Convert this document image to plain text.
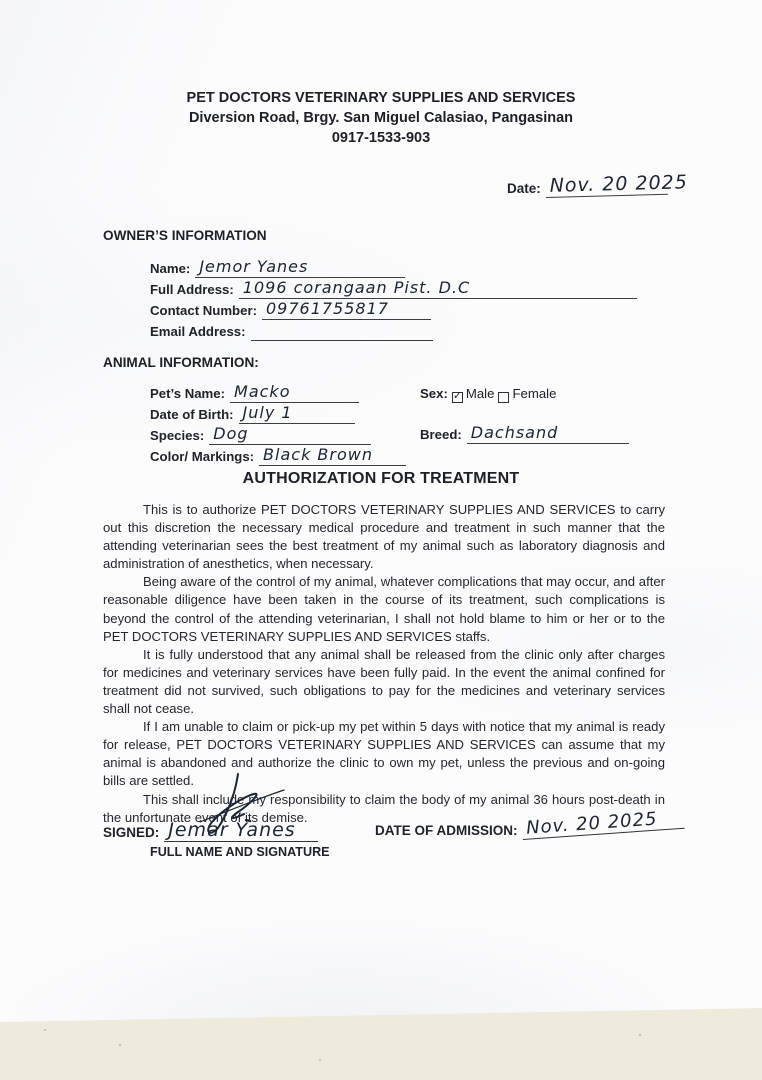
PET DOCTORS VETERINARY SUPPLIES AND SERVICES
Diversion Road, Brgy. San Miguel Calasiao, Pangasinan
0917-1533-903
Date: Nov. 20 2025
OWNER’S INFORMATION
Name: Jemor Yanes
Full Address: 1096 corangaan Pist. D.C
Contact Number: 09761755817
Email Address:
ANIMAL INFORMATION:
Pet’s Name: Macko
Date of Birth: July 1
Species: Dog
Color/ Markings: Black Brown
Sex: ✓ Male Female
Breed: Dachsand
AUTHORIZATION FOR TREATMENT

This is to authorize PET DOCTORS VETERINARY SUPPLIES AND SERVICES to carry out this discretion the necessary medical procedure and treatment in such manner that the attending veterinarian sees the best treatment of my animal such as laboratory diagnosis and administration of anesthetics, when necessary.

Being aware of the control of my animal, whatever complications that may occur, and after reasonable diligence have been taken in the course of its treatment, such complications is beyond the control of the attending veterinarian, I shall not hold blame to him or her or to the PET DOCTORS VETERINARY SUPPLIES AND SERVICES staffs.

It is fully understood that any animal shall be released from the clinic only after charges for medicines and veterinary services have been fully paid. In the event the animal confined for treatment did not survived, such obligations to pay for the medicines and veterinary services shall not cease.

If I am unable to claim or pick-up my pet within 5 days with notice that my animal is ready for release, PET DOCTORS VETERINARY SUPPLIES AND SERVICES can assume that my animal is abandoned and authorize the clinic to own my pet, unless the previous and on-going bills are settled.

This shall include my responsibility to claim the body of my animal 36 hours post-death in the unfortunate event of its demise.

SIGNED: Jemar Yanes
FULL NAME AND SIGNATURE
DATE OF ADMISSION: Nov. 20 2025
